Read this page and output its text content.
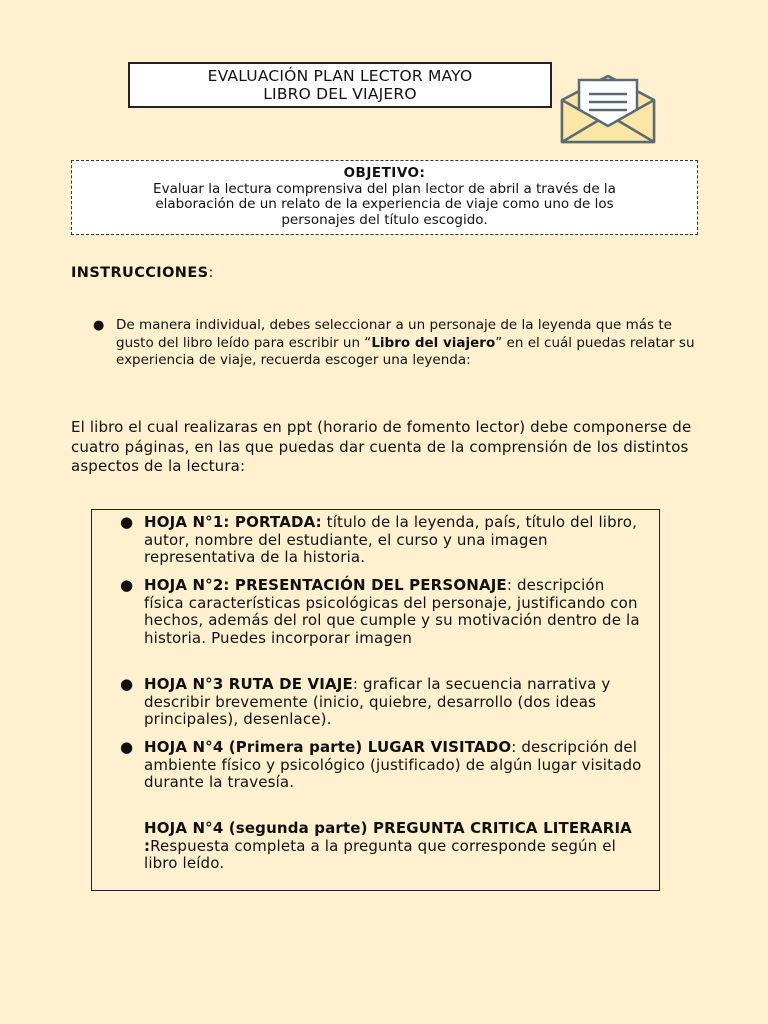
EVALUACIÓN PLAN LECTOR MAYO
LIBRO DEL VIAJERO
OBJETIVO:
Evaluar la lectura comprensiva del plan lector de abril a través de la
elaboración de un relato de la experiencia de viaje como uno de los
personajes del título escogido.
INSTRUCCIONES:
● De manera individual, debes seleccionar a un personaje de la leyenda que más te gusto del libro leído para escribir un “Libro del viajero” en el cuál puedas relatar su experiencia de viaje, recuerda escoger una leyenda:
El libro el cual realizaras en ppt (horario de fomento lector) debe componerse de cuatro páginas, en las que puedas dar cuenta de la comprensión de los distintos aspectos de la lectura:
● HOJA N°1: PORTADA: título de la leyenda, país, título del libro, autor, nombre del estudiante, el curso y una imagen representativa de la historia.
● HOJA N°2: PRESENTACIÓN DEL PERSONAJE: descripción física características psicológicas del personaje, justificando con hechos, además del rol que cumple y su motivación dentro de la historia. Puedes incorporar imagen
● HOJA N°3 RUTA DE VIAJE: graficar la secuencia narrativa y describir brevemente (inicio, quiebre, desarrollo (dos ideas principales), desenlace).
● HOJA N°4 (Primera parte) LUGAR VISITADO: descripción del ambiente físico y psicológico (justificado) de algún lugar visitado durante la travesía.
HOJA N°4 (segunda parte) PREGUNTA CRITICA LITERARIA :Respuesta completa a la pregunta que corresponde según el libro leído.
